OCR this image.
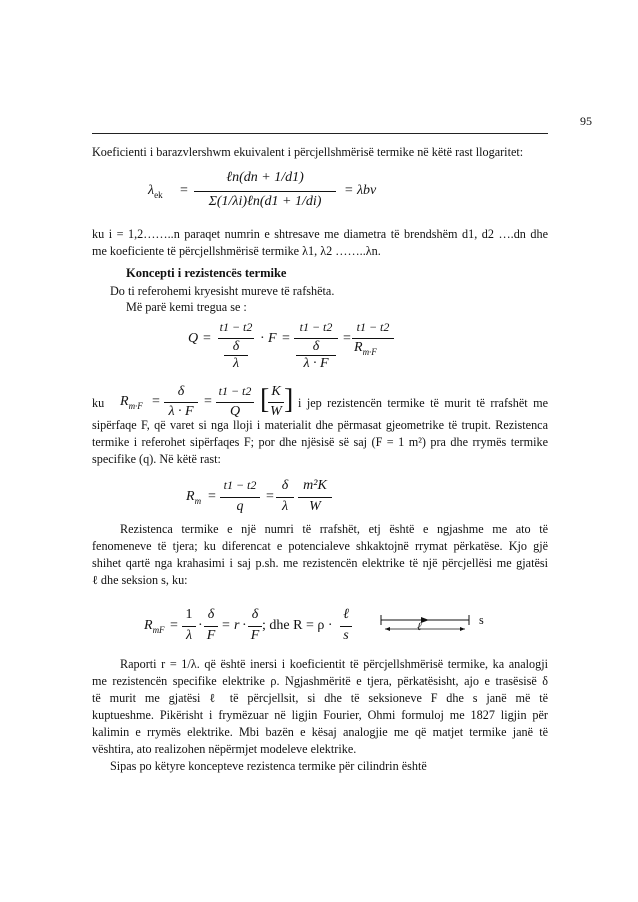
95
Koeficienti i barazvlershwm ekuivalent i përcjellshmërisë termike në këtë rast llogaritet:
$\lambda_{ek}$ =
ℓn(dn + 1/d1)
Σ(1/λi)ℓn(d1 + 1/di)
= λbv
ku i = 1,2……..n paraqet numrin e shtresave me diametra të brendshëm d1, d2 ….dn dhe
me koeficiente të përcjellshmërisë termike λ1, λ2 ……..λn.
Koncepti i rezistencës termike
Do ti referohemi kryesisht mureve të rafshëta.
Më parë kemi tregua se :
Q =
t1 − t2
δ
λ
· F =
t1 − t2
δ
λ · F
=
t1 − t2
$R_{m\cdot F}$
ku $R_{m\cdot F}$ =
δ
λ · F
=
t1 − t2
Q [ K
W ] i jep rezistencën termike të murit të rrafshët me
sipërfaqe F, që varet si nga lloji i materialit dhe përmasat gjeometrike të trupit. Rezistenca
termike i referohet sipërfaqes F; por dhe njësisë së saj (F = 1 m²) pra dhe rrymës termike
specifike (q). Në këtë rast:
$R_m$ =
t1 − t2
q
=
δ
λ
m²K
W
Rezistenca termike e një numri të rrafshët, etj është e ngjashme me ato të
fenomeneve të tjera; ku diferencat e potencialeve shkaktojnë rrymat përkatëse. Kjo gjë
shihet qartë nga krahasimi i saj p.sh. me rezistencën elektrike të një përcjellësi me gjatësi
ℓ dhe seksion s, ku:
$R_{mF}$ =
1
λ
·
δ
F
= r ·
δ
F
; dhe R = ρ ·
ℓ
s
ℓ	s
Raporti r = 1/λ. që është inersi i koeficientit të përcjellshmërisë termike, ka analogji
me rezistencën specifike elektrike ρ. Ngjashmëritë e tjera, përkatësisht, ajo e trasësisë δ
të murit me gjatësi ℓ të përcjellsit, si dhe të seksioneve F dhe s janë më të
kuptueshme. Pikërisht i frymëzuar në ligjin Fourier, Ohmi formuloj me 1827 ligjin për
kalimin e rrymës elektrike. Mbi bazën e kësaj analogjie me që matjet termike janë të
vështira, ato realizohen nëpërmjet modeleve elektrike.
Sipas po këtyre koncepteve rezistenca termike për cilindrin është
